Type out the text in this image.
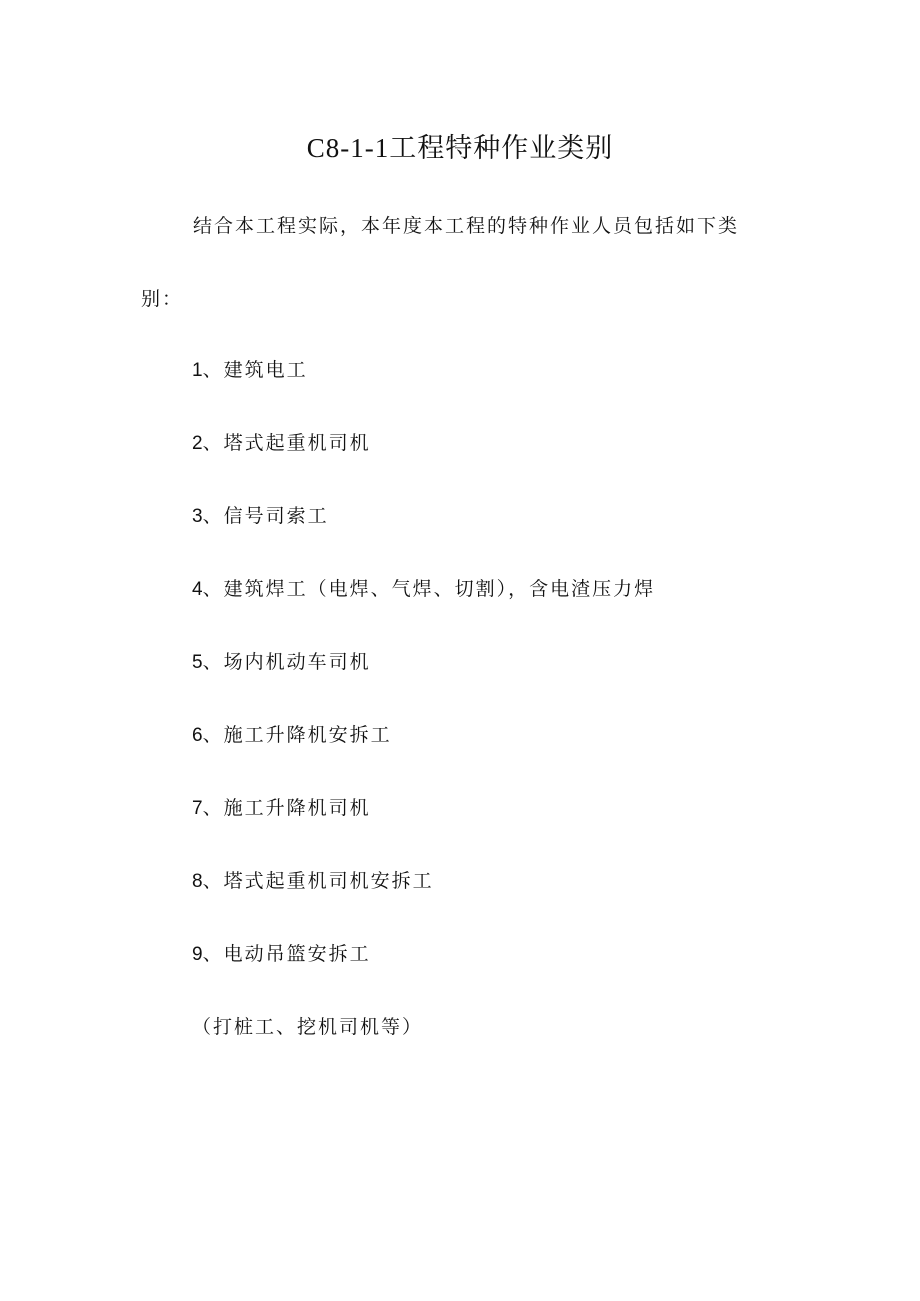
C8-1-1工程特种作业类别
结合本工程实际，本年度本工程的特种作业人员包括如下类
别：
1、建筑电工
2、塔式起重机司机
3、信号司索工
4、建筑焊工（电焊、气焊、切割），含电渣压力焊
5、场内机动车司机
6、施工升降机安拆工
7、施工升降机司机
8、塔式起重机司机安拆工
9、电动吊篮安拆工
（打桩工、挖机司机等）
